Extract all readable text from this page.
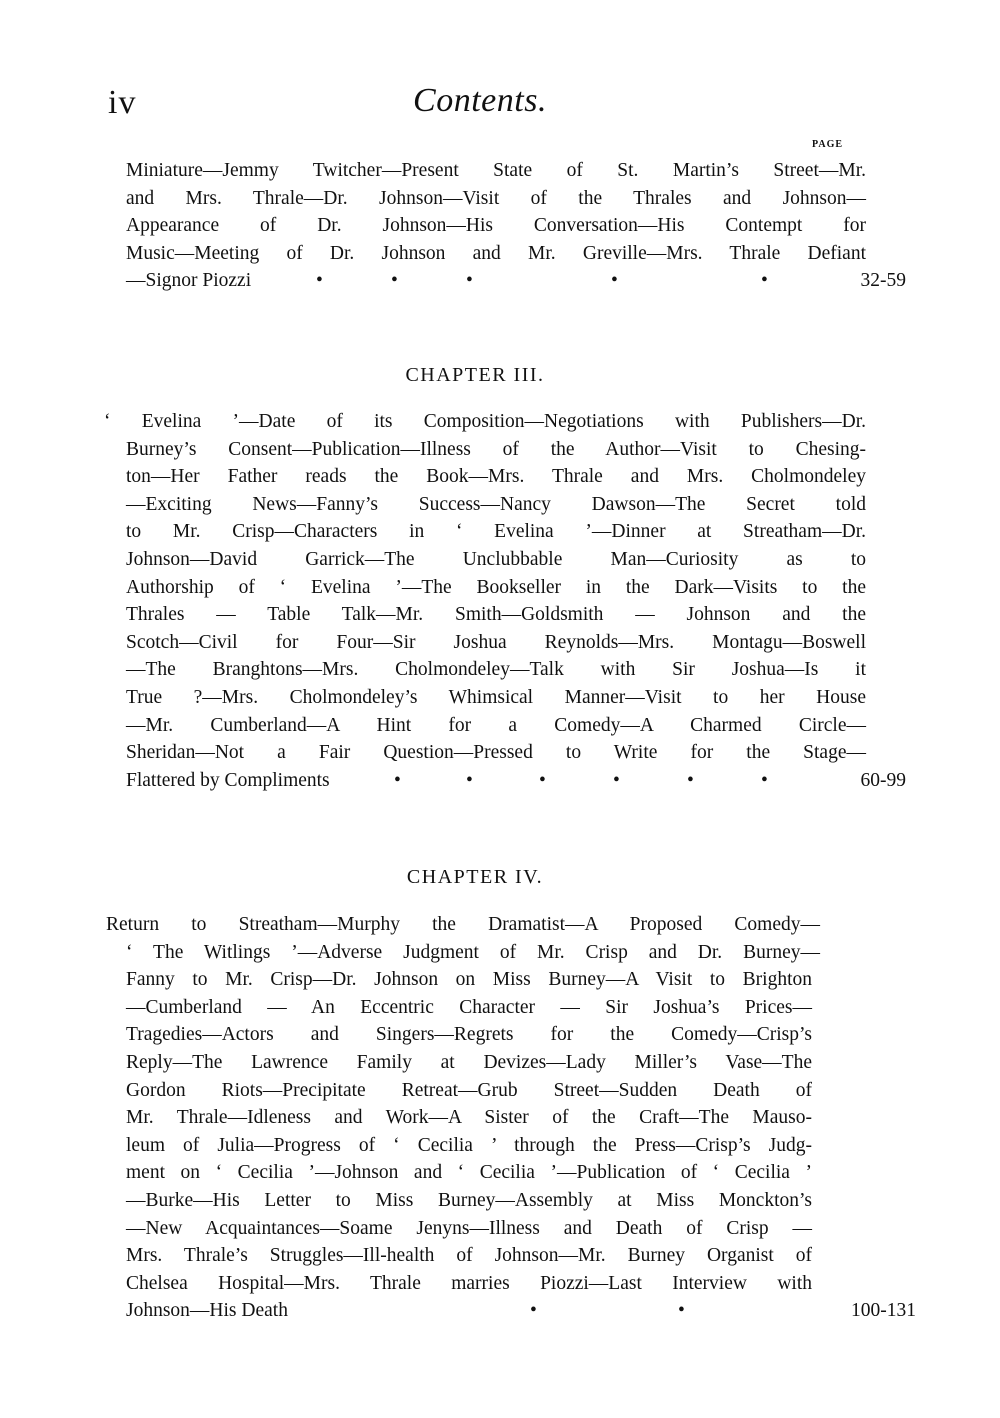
iv	Contents.
PAGE
Miniature—Jemmy Twitcher—Present State of St. Martin’s Street—Mr.
and Mrs. Thrale—Dr. Johnson—Visit of the Thrales and Johnson—
Appearance of Dr. Johnson—His Conversation—His Contempt for
Music—Meeting of Dr. Johnson and Mr. Greville—Mrs. Thrale Defiant
—Signor Piozzi	•	•	•	•	•	32-59
CHAPTER III.
‘ Evelina ’—Date of its Composition—Negotiations with Publishers—Dr.
Burney’s Consent—Publication—Illness of the Author—Visit to Chesing-
ton—Her Father reads the Book—Mrs. Thrale and Mrs. Cholmondeley
—Exciting News—Fanny’s Success—Nancy Dawson—The Secret told
to Mr. Crisp—Characters in ‘ Evelina ’—Dinner at Streatham—Dr.
Johnson—David Garrick—The Unclubbable Man—Curiosity as to
Authorship of ‘ Evelina ’—The Bookseller in the Dark—Visits to the
Thrales — Table Talk—Mr. Smith—Goldsmith — Johnson and the
Scotch—Civil for Four—Sir Joshua Reynolds—Mrs. Montagu—Boswell
—The Branghtons—Mrs. Cholmondeley—Talk with Sir Joshua—Is it
True ?—Mrs. Cholmondeley’s Whimsical Manner—Visit to her House
—Mr. Cumberland—A Hint for a Comedy—A Charmed Circle—
Sheridan—Not a Fair Question—Pressed to Write for the Stage—
Flattered by Compliments	•	•	•	•	•	•	60-99
CHAPTER IV.
Return to Streatham—Murphy the Dramatist—A Proposed Comedy—
‘ The Witlings ’—Adverse Judgment of Mr. Crisp and Dr. Burney—
Fanny to Mr. Crisp—Dr. Johnson on Miss Burney—A Visit to Brighton
—Cumberland — An Eccentric Character — Sir Joshua’s Prices—
Tragedies—Actors and Singers—Regrets for the Comedy—Crisp’s
Reply—The Lawrence Family at Devizes—Lady Miller’s Vase—The
Gordon Riots—Precipitate Retreat—Grub Street—Sudden Death of
Mr. Thrale—Idleness and Work—A Sister of the Craft—The Mauso-
leum of Julia—Progress of ‘ Cecilia ’ through the Press—Crisp’s Judg-
ment on ‘ Cecilia ’—Johnson and ‘ Cecilia ’—Publication of ‘ Cecilia ’
—Burke—His Letter to Miss Burney—Assembly at Miss Monckton’s
—New Acquaintances—Soame Jenyns—Illness and Death of Crisp —
Mrs. Thrale’s Struggles—Ill-health of Johnson—Mr. Burney Organist of
Chelsea Hospital—Mrs. Thrale marries Piozzi—Last Interview with
Johnson—His Death	•	•	100-131
